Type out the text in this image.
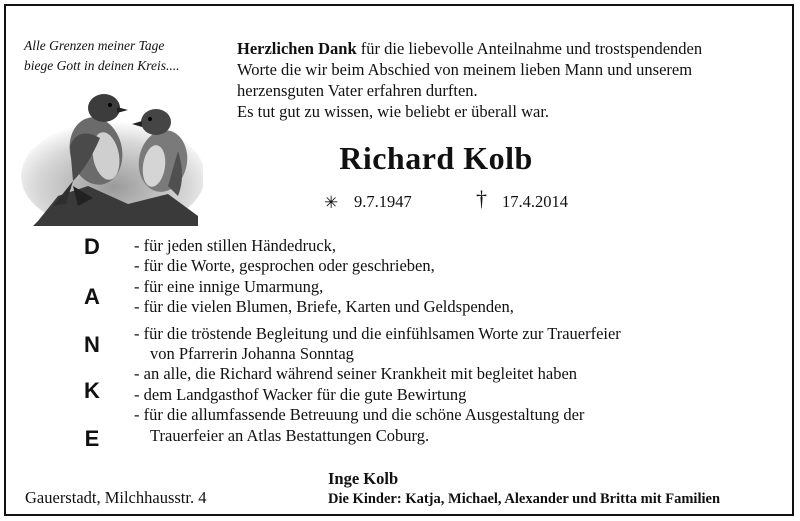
Alle Grenzen meiner Tage
biege Gott in deinen Kreis....
Herzlichen Dank für die liebevolle Anteilnahme und trostspendenden
Worte die wir beim Abschied von meinem lieben Mann und unserem
herzensguten Vater erfahren durften.
Es tut gut zu wissen, wie beliebt er überall war.
Richard Kolb
✳ 9.7.1947	† 17.4.2014
D
A
N
K
E
- für jeden stillen Händedruck,
- für die Worte, gesprochen oder geschrieben,
- für eine innige Umarmung,
- für die vielen Blumen, Briefe, Karten und Geldspenden,
- für die tröstende Begleitung und die einfühlsamen Worte zur Trauerfeier
von Pfarrerin Johanna Sonntag
- an alle, die Richard während seiner Krankheit mit begleitet haben
- dem Landgasthof Wacker für die gute Bewirtung
- für die allumfassende Betreuung und die schöne Ausgestaltung der
Trauerfeier an Atlas Bestattungen Coburg.
Gauerstadt, Milchhausstr. 4
Inge Kolb
Die Kinder: Katja, Michael, Alexander und Britta mit Familien
